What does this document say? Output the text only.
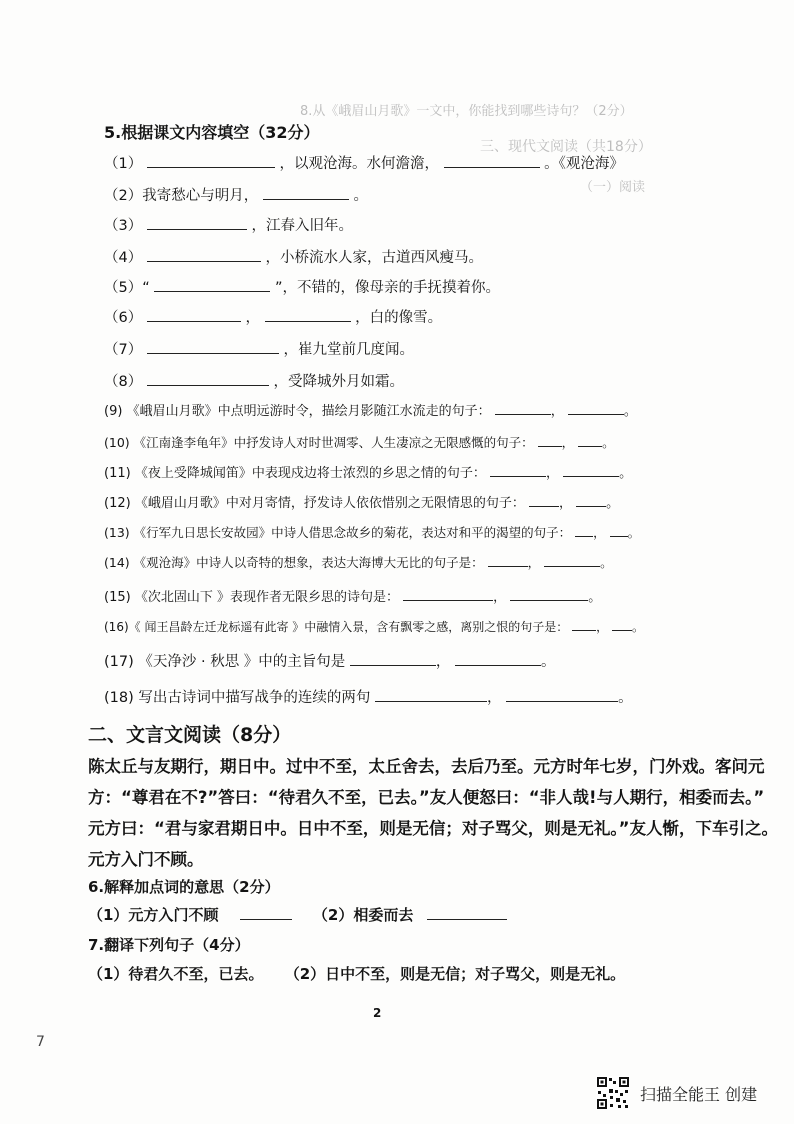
8.从《峨眉山月歌》一文中，你能找到哪些诗句？（2分）
三、现代文阅读（共18分）
（一）阅读
5.根据课文内容填空（32分）
（1）	，以观沧海。水何澹澹，	。《观沧海》
（2）我寄愁心与明月，	。
（3）	，江春入旧年。
（4）	，小桥流水人家，古道西风瘦马。
（5）“	”，不错的，像母亲的手抚摸着你。
（6）	，	，白的像雪。
（7）	，崔九堂前几度闻。
（8）	，受降城外月如霜。
(9) 《峨眉山月歌》中点明远游时令，描绘月影随江水流走的句子：	，	。
(10) 《江南逢李龟年》中抒发诗人对时世凋零、人生凄凉之无限感慨的句子： ， 。
(11) 《夜上受降城闻笛》中表现戍边将士浓烈的乡思之情的句子：	，	。
(12) 《峨眉山月歌》中对月寄情，抒发诗人依依惜别之无限情思的句子：	，	。
(13) 《行军九日思长安故园》中诗人借思念故乡的菊花，表达对和平的渴望的句子： ， 。
(14) 《观沧海》中诗人以奇特的想象，表达大海博大无比的句子是：	，	。
(15) 《次北固山下 》表现作者无限乡思的诗句是：	，	。
(16)《 闻王昌龄左迁龙标遥有此寄 》中融情入景，含有飘零之感，离别之恨的句子是： ， 。
(17) 《天净沙 · 秋思 》中的主旨句是	，	。
(18) 写出古诗词中描写战争的连续的两句	，	。
二、文言文阅读（8分）
陈太丘与友期行，期日中。过中不至，太丘舍去，去后乃至。元方时年七岁，门外戏。客问元
方：“尊君在不?”答曰：“待君久不至，已去。”友人便怒曰：“非人哉!与人期行，相委而去。”
元方曰：“君与家君期日中。日中不至，则是无信；对子骂父，则是无礼。”友人惭，下车引之。
元方入门不顾。
6.解释加点词的意思（2分）
（1）元方入门不顾	（2）相委而去
7.翻译下列句子（4分）
（1）待君久不至，已去。 （2）日中不至，则是无信；对子骂父，则是无礼。
2
7
扫描全能王 创建
